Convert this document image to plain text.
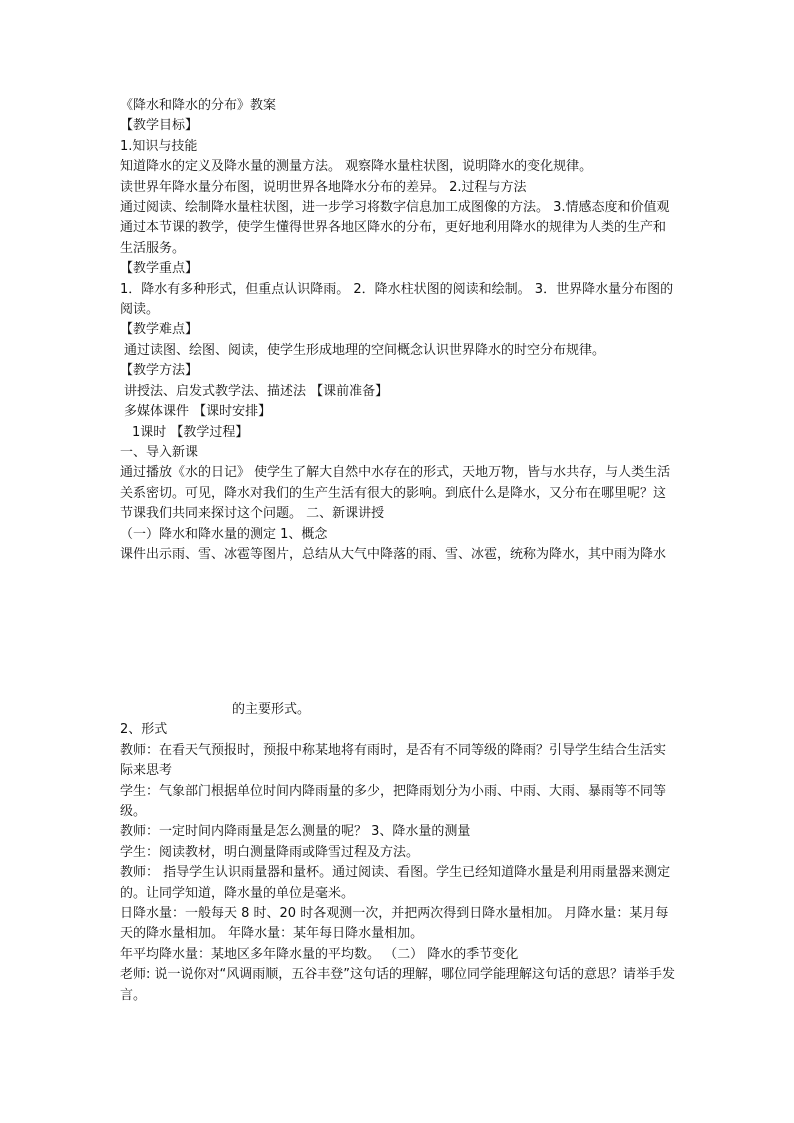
《降水和降水的分布》教案

【教学目标】

1.知识与技能

知道降水的定义及降水量的测量方法。 观察降水量柱状图，说明降水的变化规律。

读世界年降水量分布图，说明世界各地降水分布的差异。 2.过程与方法

通过阅读、绘制降水量柱状图，进一步学习将数字信息加工成图像的方法。 3.情感态度和价值观

通过本节课的教学，使学生懂得世界各地区降水的分布，更好地利用降水的规律为人类的生产和生活服务。

【教学重点】

1．降水有多种形式，但重点认识降雨。 2．降水柱状图的阅读和绘制。 3．世界降水量分布图的阅读。

【教学难点】

通过读图、绘图、阅读，使学生形成地理的空间概念认识世界降水的时空分布规律。

【教学方法】

讲授法、启发式教学法、描述法 【课前准备】

多媒体课件 【课时安排】

1课时 【教学过程】

一、导入新课

通过播放《水的日记》 使学生了解大自然中水存在的形式，天地万物，皆与水共存，与人类生活关系密切。可见，降水对我们的生产生活有很大的影响。到底什么是降水，又分布在哪里呢？这节课我们共同来探讨这个问题。 二、新课讲授

（一）降水和降水量的测定 1、概念

课件出示雨、雪、冰雹等图片，总结从大气中降落的雨、雪、冰雹，统称为降水，其中雨为降水

的主要形式。

2、形式

教师：在看天气预报时，预报中称某地将有雨时，是否有不同等级的降雨？引导学生结合生活实际来思考

学生：气象部门根据单位时间内降雨量的多少，把降雨划分为小雨、中雨、大雨、暴雨等不同等级。

教师：一定时间内降雨量是怎么测量的呢？ 3、降水量的测量

学生：阅读教材，明白测量降雨或降雪过程及方法。

教师： 指导学生认识雨量器和量杯。通过阅读、看图。学生已经知道降水量是利用雨量器来测定的。让同学知道，降水量的单位是毫米。

日降水量：一般每天 8 时、20 时各观测一次，并把两次得到日降水量相加。 月降水量：某月每天的降水量相加。 年降水量：某年每日降水量相加。

年平均降水量：某地区多年降水量的平均数。 （二） 降水的季节变化

老师: 说一说你对“风调雨顺，五谷丰登”这句话的理解，哪位同学能理解这句话的意思？请举手发言。
